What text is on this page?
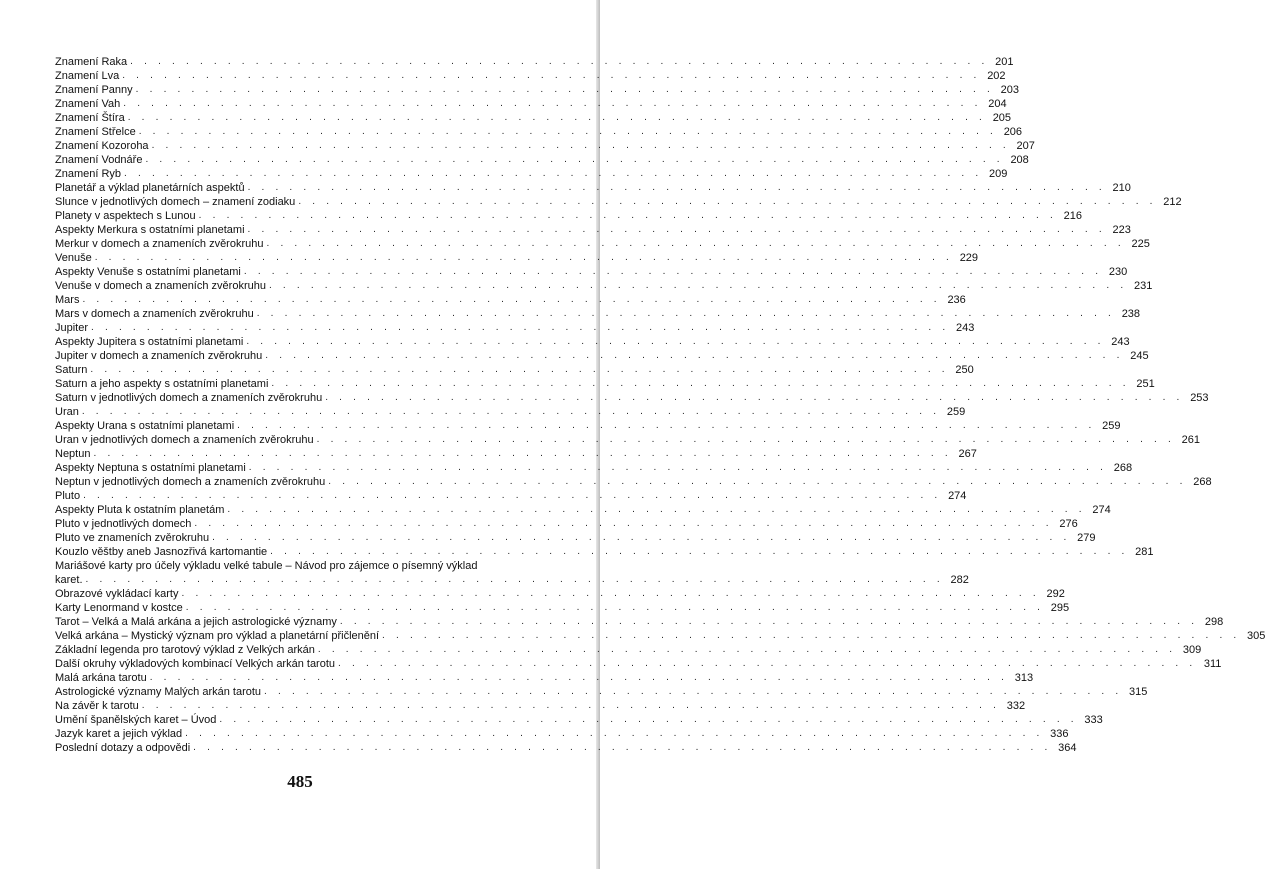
Znamení Raka . . . . . . . . . . . . . . . . . . . . . . . . . . . . . . . . . . . . . . . . . . . . . . . . . . . . . . . . . . . . . . 201
Znamení Lva . . . . . . . . . . . . . . . . . . . . . . . . . . . . . . . . . . . . . . . . . . . . . . . . . . . . . . . . . . . . . . 202
Znamení Panny . . . . . . . . . . . . . . . . . . . . . . . . . . . . . . . . . . . . . . . . . . . . . . . . . . . . . . . . . . . . . . 203
Znamení Vah . . . . . . . . . . . . . . . . . . . . . . . . . . . . . . . . . . . . . . . . . . . . . . . . . . . . . . . . . . . . . . 204
Znamení Štíra . . . . . . . . . . . . . . . . . . . . . . . . . . . . . . . . . . . . . . . . . . . . . . . . . . . . . . . . . . . . . . 205
Znamení Střelce . . . . . . . . . . . . . . . . . . . . . . . . . . . . . . . . . . . . . . . . . . . . . . . . . . . . . . . . . . . . . . 206
Znamení Kozoroha . . . . . . . . . . . . . . . . . . . . . . . . . . . . . . . . . . . . . . . . . . . . . . . . . . . . . . . . . . . . . . 207
Znamení Vodnáře . . . . . . . . . . . . . . . . . . . . . . . . . . . . . . . . . . . . . . . . . . . . . . . . . . . . . . . . . . . . . . 208
Znamení Ryb . . . . . . . . . . . . . . . . . . . . . . . . . . . . . . . . . . . . . . . . . . . . . . . . . . . . . . . . . . . . . . 209
Planetář a výklad planetárních aspektů . . . . . . . . . . . . . . . . . . . . . . . . . . . . . . . . . . . . . . . . . . . . . . . . . . . . . . . . . . . . . . 210
Slunce v jednotlivých domech – znamení zodiaku . . . . . . . . . . . . . . . . . . . . . . . . . . . . . . . . . . . . . . . . . . . . . . . . . . . . . . . . . . . . . . 212
Planety v aspektech s Lunou . . . . . . . . . . . . . . . . . . . . . . . . . . . . . . . . . . . . . . . . . . . . . . . . . . . . . . . . . . . . . . 216
Aspekty Merkura s ostatními planetami . . . . . . . . . . . . . . . . . . . . . . . . . . . . . . . . . . . . . . . . . . . . . . . . . . . . . . . . . . . . . . 223
Merkur v domech a znameních zvěrokruhu . . . . . . . . . . . . . . . . . . . . . . . . . . . . . . . . . . . . . . . . . . . . . . . . . . . . . . . . . . . . . . 225
Venuše . . . . . . . . . . . . . . . . . . . . . . . . . . . . . . . . . . . . . . . . . . . . . . . . . . . . . . . . . . . . . . 229
Aspekty Venuše s ostatními planetami . . . . . . . . . . . . . . . . . . . . . . . . . . . . . . . . . . . . . . . . . . . . . . . . . . . . . . . . . . . . . . 230
Venuše v domech a znameních zvěrokruhu . . . . . . . . . . . . . . . . . . . . . . . . . . . . . . . . . . . . . . . . . . . . . . . . . . . . . . . . . . . . . . 231
Mars . . . . . . . . . . . . . . . . . . . . . . . . . . . . . . . . . . . . . . . . . . . . . . . . . . . . . . . . . . . . . . 236
Mars v domech a znameních zvěrokruhu . . . . . . . . . . . . . . . . . . . . . . . . . . . . . . . . . . . . . . . . . . . . . . . . . . . . . . . . . . . . . . 238
Jupiter . . . . . . . . . . . . . . . . . . . . . . . . . . . . . . . . . . . . . . . . . . . . . . . . . . . . . . . . . . . . . . 243
Aspekty Jupitera s ostatními planetami . . . . . . . . . . . . . . . . . . . . . . . . . . . . . . . . . . . . . . . . . . . . . . . . . . . . . . . . . . . . . . 243
Jupiter v domech a znameních zvěrokruhu . . . . . . . . . . . . . . . . . . . . . . . . . . . . . . . . . . . . . . . . . . . . . . . . . . . . . . . . . . . . . . 245
Saturn . . . . . . . . . . . . . . . . . . . . . . . . . . . . . . . . . . . . . . . . . . . . . . . . . . . . . . . . . . . . . . 250
Saturn a jeho aspekty s ostatními planetami . . . . . . . . . . . . . . . . . . . . . . . . . . . . . . . . . . . . . . . . . . . . . . . . . . . . . . . . . . . . . . 251
Saturn v jednotlivých domech a znameních zvěrokruhu . . . . . . . . . . . . . . . . . . . . . . . . . . . . . . . . . . . . . . . . . . . . . . . . . . . . . . . . . . . . . . 253
Uran . . . . . . . . . . . . . . . . . . . . . . . . . . . . . . . . . . . . . . . . . . . . . . . . . . . . . . . . . . . . . . 259
Aspekty Urana s ostatními planetami . . . . . . . . . . . . . . . . . . . . . . . . . . . . . . . . . . . . . . . . . . . . . . . . . . . . . . . . . . . . . . 259
Uran v jednotlivých domech a znameních zvěrokruhu . . . . . . . . . . . . . . . . . . . . . . . . . . . . . . . . . . . . . . . . . . . . . . . . . . . . . . . . . . . . . . 261
Neptun . . . . . . . . . . . . . . . . . . . . . . . . . . . . . . . . . . . . . . . . . . . . . . . . . . . . . . . . . . . . . . 267
Aspekty Neptuna s ostatními planetami . . . . . . . . . . . . . . . . . . . . . . . . . . . . . . . . . . . . . . . . . . . . . . . . . . . . . . . . . . . . . . 268
Neptun v jednotlivých domech a znameních zvěrokruhu . . . . . . . . . . . . . . . . . . . . . . . . . . . . . . . . . . . . . . . . . . . . . . . . . . . . . . . . . . . . . . 268
Pluto . . . . . . . . . . . . . . . . . . . . . . . . . . . . . . . . . . . . . . . . . . . . . . . . . . . . . . . . . . . . . . 274
Aspekty Pluta k ostatním planetám . . . . . . . . . . . . . . . . . . . . . . . . . . . . . . . . . . . . . . . . . . . . . . . . . . . . . . . . . . . . . . 274
Pluto v jednotlivých domech . . . . . . . . . . . . . . . . . . . . . . . . . . . . . . . . . . . . . . . . . . . . . . . . . . . . . . . . . . . . . . 276
Pluto ve znameních zvěrokruhu . . . . . . . . . . . . . . . . . . . . . . . . . . . . . . . . . . . . . . . . . . . . . . . . . . . . . . . . . . . . . . 279
Kouzlo věštby aneb Jasnozřivá kartomantie . . . . . . . . . . . . . . . . . . . . . . . . . . . . . . . . . . . . . . . . . . . . . . . . . . . . . . . . . . . . . . 281
Mariášové karty pro účely výkladu velké tabule – Návod pro zájemce o písemný výklad
karet. . . . . . . . . . . . . . . . . . . . . . . . . . . . . . . . . . . . . . . . . . . . . . . . . . . . . . . . . . . . . . . 282
Obrazové vykládací karty . . . . . . . . . . . . . . . . . . . . . . . . . . . . . . . . . . . . . . . . . . . . . . . . . . . . . . . . . . . . . . 292
Karty Lenormand v kostce . . . . . . . . . . . . . . . . . . . . . . . . . . . . . . . . . . . . . . . . . . . . . . . . . . . . . . . . . . . . . . 295
Tarot – Velká a Malá arkána a jejich astrologické významy . . . . . . . . . . . . . . . . . . . . . . . . . . . . . . . . . . . . . . . . . . . . . . . . . . . . . . . . . . . . . . 298
Velká arkána – Mystický význam pro výklad a planetární přičlenění . . . . . . . . . . . . . . . . . . . . . . . . . . . . . . . . . . . . . . . . . . . . . . . . . . . . . . . . . . . . . . 305
Základní legenda pro tarotový výklad z Velkých arkán . . . . . . . . . . . . . . . . . . . . . . . . . . . . . . . . . . . . . . . . . . . . . . . . . . . . . . . . . . . . . . 309
Další okruhy výkladových kombinací Velkých arkán tarotu . . . . . . . . . . . . . . . . . . . . . . . . . . . . . . . . . . . . . . . . . . . . . . . . . . . . . . . . . . . . . . 311
Malá arkána tarotu . . . . . . . . . . . . . . . . . . . . . . . . . . . . . . . . . . . . . . . . . . . . . . . . . . . . . . . . . . . . . . 313
Astrologické významy Malých arkán tarotu . . . . . . . . . . . . . . . . . . . . . . . . . . . . . . . . . . . . . . . . . . . . . . . . . . . . . . . . . . . . . . 315
Na závěr k tarotu . . . . . . . . . . . . . . . . . . . . . . . . . . . . . . . . . . . . . . . . . . . . . . . . . . . . . . . . . . . . . . 332
Umění španělských karet – Úvod . . . . . . . . . . . . . . . . . . . . . . . . . . . . . . . . . . . . . . . . . . . . . . . . . . . . . . . . . . . . . . 333
Jazyk karet a jejich výklad . . . . . . . . . . . . . . . . . . . . . . . . . . . . . . . . . . . . . . . . . . . . . . . . . . . . . . . . . . . . . . 336
Poslední dotazy a odpovědi . . . . . . . . . . . . . . . . . . . . . . . . . . . . . . . . . . . . . . . . . . . . . . . . . . . . . . . . . . . . . . 364
485
